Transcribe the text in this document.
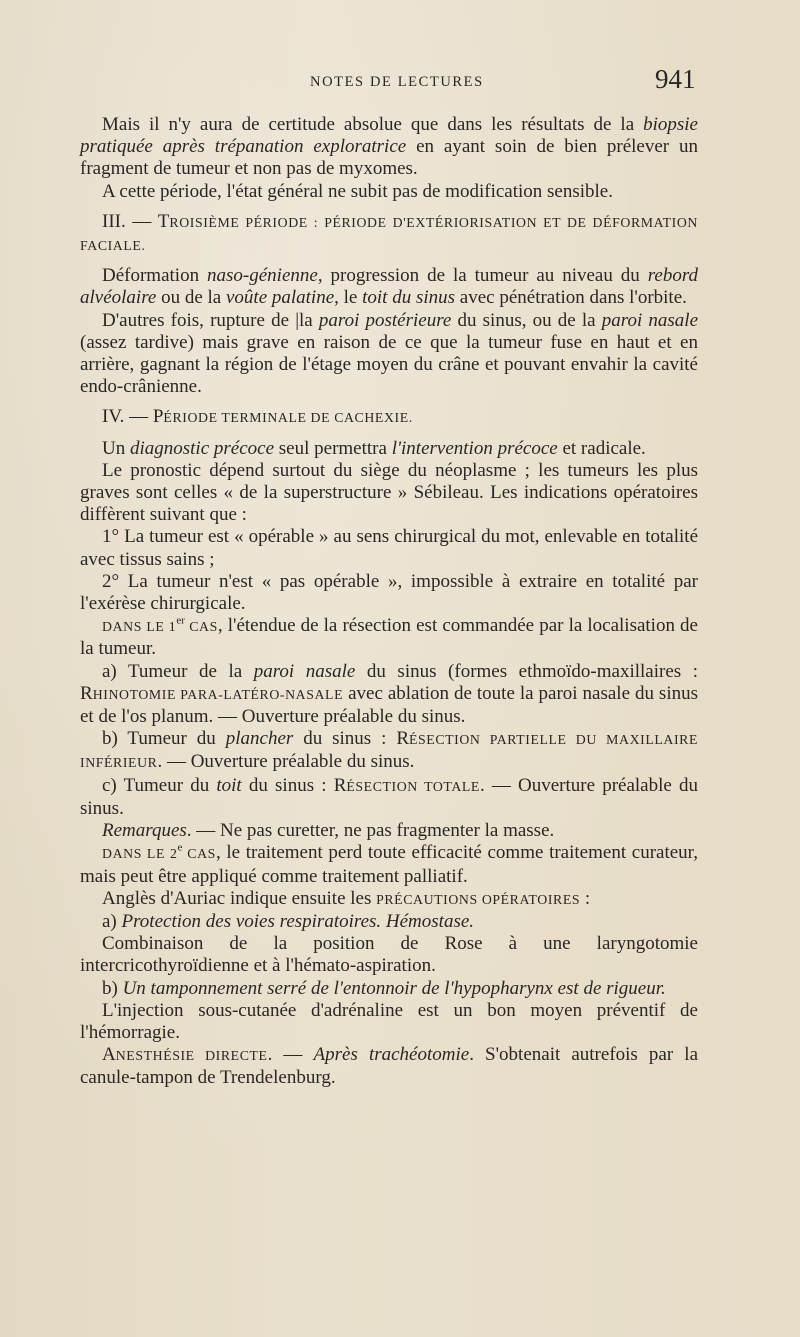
NOTES DE LECTURES	941

Mais il n'y aura de certitude absolue que dans les résultats de la biopsie pratiquée après trépanation exploratrice en ayant soin de bien prélever un fragment de tumeur et non pas de myxomes.

A cette période, l'état général ne subit pas de modification sensible.

III. — TROISIÈME PÉRIODE : PÉRIODE D'EXTÉRIORISATION ET DE DÉFORMATION FACIALE.

Déformation naso-génienne, progression de la tumeur au niveau du rebord alvéolaire ou de la voûte palatine, le toit du sinus avec pénétration dans l'orbite.

D'autres fois, rupture de |la paroi postérieure du sinus, ou de la paroi nasale (assez tardive) mais grave en raison de ce que la tumeur fuse en haut et en arrière, gagnant la région de l'étage moyen du crâne et pouvant envahir la cavité endo-crânienne.

IV. — PÉRIODE TERMINALE DE CACHEXIE.

Un diagnostic précoce seul permettra l'intervention précoce et radicale.

Le pronostic dépend surtout du siège du néoplasme ; les tumeurs les plus graves sont celles « de la superstructure » Sébileau. Les indications opératoires diffèrent suivant que :

1° La tumeur est « opérable » au sens chirurgical du mot, enlevable en totalité avec tissus sains ;

2° La tumeur n'est « pas opérable », impossible à extraire en totalité par l'exérèse chirurgicale.

DANS LE 1er CAS, l'étendue de la résection est commandée par la localisation de la tumeur.

a) Tumeur de la paroi nasale du sinus (formes ethmoïdo-maxillaires : RHINOTOMIE PARA-LATÉRO-NASALE avec ablation de toute la paroi nasale du sinus et de l'os planum. — Ouverture préalable du sinus.

b) Tumeur du plancher du sinus : RÉSECTION PARTIELLE DU MAXILLAIRE INFÉRIEUR. — Ouverture préalable du sinus.

c) Tumeur du toit du sinus : RÉSECTION TOTALE. — Ouverture préalable du sinus.

Remarques. — Ne pas curetter, ne pas fragmenter la masse.

DANS LE 2e CAS, le traitement perd toute efficacité comme traitement curateur, mais peut être appliqué comme traitement palliatif.

Anglès d'Auriac indique ensuite les PRÉCAUTIONS OPÉRATOIRES :

a) Protection des voies respiratoires. Hémostase.

Combinaison de la position de Rose à une laryngotomie intercricothyroïdienne et à l'hémato-aspiration.

b) Un tamponnement serré de l'entonnoir de l'hypopharynx est de rigueur.

L'injection sous-cutanée d'adrénaline est un bon moyen préventif de l'hémorragie.

ANESTHÉSIE DIRECTE. — Après trachéotomie. S'obtenait autrefois par la canule-tampon de Trendelenburg.
